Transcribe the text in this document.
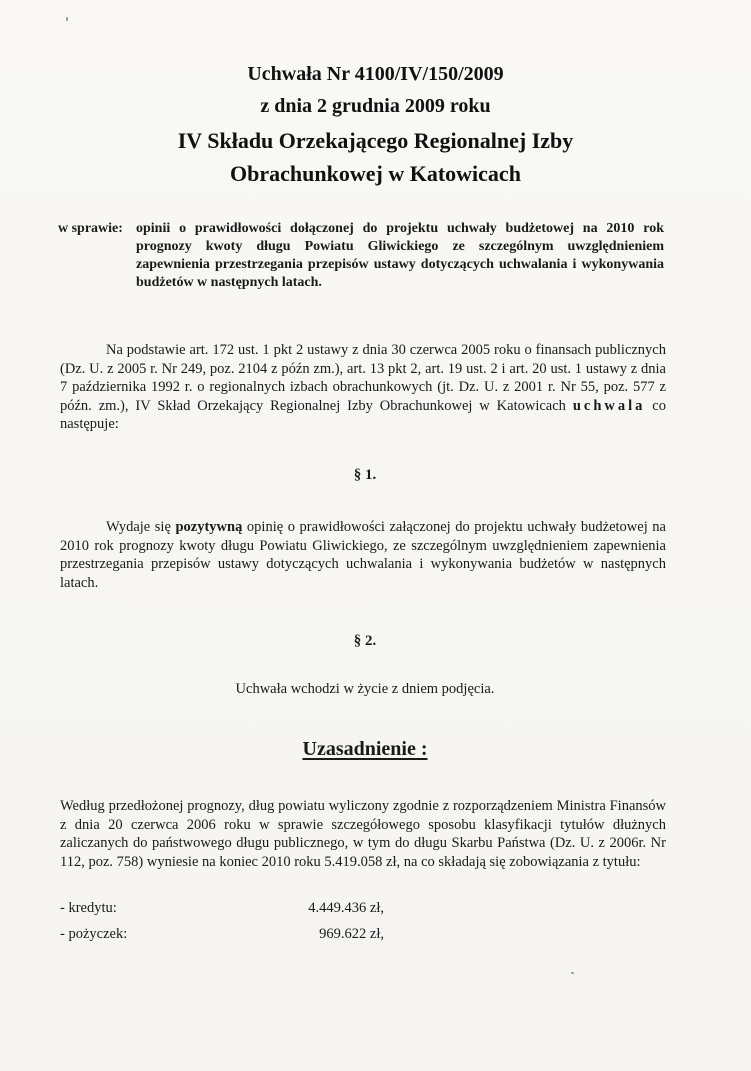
Uchwała Nr 4100/IV/150/2009
z dnia 2 grudnia 2009 roku
IV Składu Orzekającego Regionalnej Izby
Obrachunkowej w Katowicach
w sprawie: opinii o prawidłowości dołączonej do projektu uchwały budżetowej na 2010 rok prognozy kwoty długu Powiatu Gliwickiego ze szczególnym uwzględnieniem zapewnienia przestrzegania przepisów ustawy dotyczących uchwalania i wykonywania budżetów w następnych latach.
Na podstawie art. 172 ust. 1 pkt 2 ustawy z dnia 30 czerwca 2005 roku o finansach publicznych (Dz. U. z 2005 r. Nr 249, poz. 2104 z późn zm.), art. 13 pkt 2, art. 19 ust. 2 i art. 20 ust. 1 ustawy z dnia 7 października 1992 r. o regionalnych izbach obrachunkowych (jt. Dz. U. z 2001 r. Nr 55, poz. 577 z późn. zm.), IV Skład Orzekający Regionalnej Izby Obrachunkowej w Katowicach uchwala co następuje:
§ 1.
Wydaje się pozytywną opinię o prawidłowości załączonej do projektu uchwały budżetowej na 2010 rok prognozy kwoty długu Powiatu Gliwickiego, ze szczególnym uwzględnieniem zapewnienia przestrzegania przepisów ustawy dotyczących uchwalania i wykonywania budżetów w następnych latach.
§ 2.
Uchwała wchodzi w życie z dniem podjęcia.
Uzasadnienie :
Według przedłożonej prognozy, dług powiatu wyliczony zgodnie z rozporządzeniem Ministra Finansów z dnia 20 czerwca 2006 roku w sprawie szczegółowego sposobu klasyfikacji tytułów dłużnych zaliczanych do państwowego długu publicznego, w tym do długu Skarbu Państwa (Dz. U. z 2006r. Nr 112, poz. 758) wyniesie na koniec 2010 roku 5.419.058 zł, na co składają się zobowiązania z tytułu:
- kredytu:	4.449.436 zł,
- pożyczek:	969.622 zł,
